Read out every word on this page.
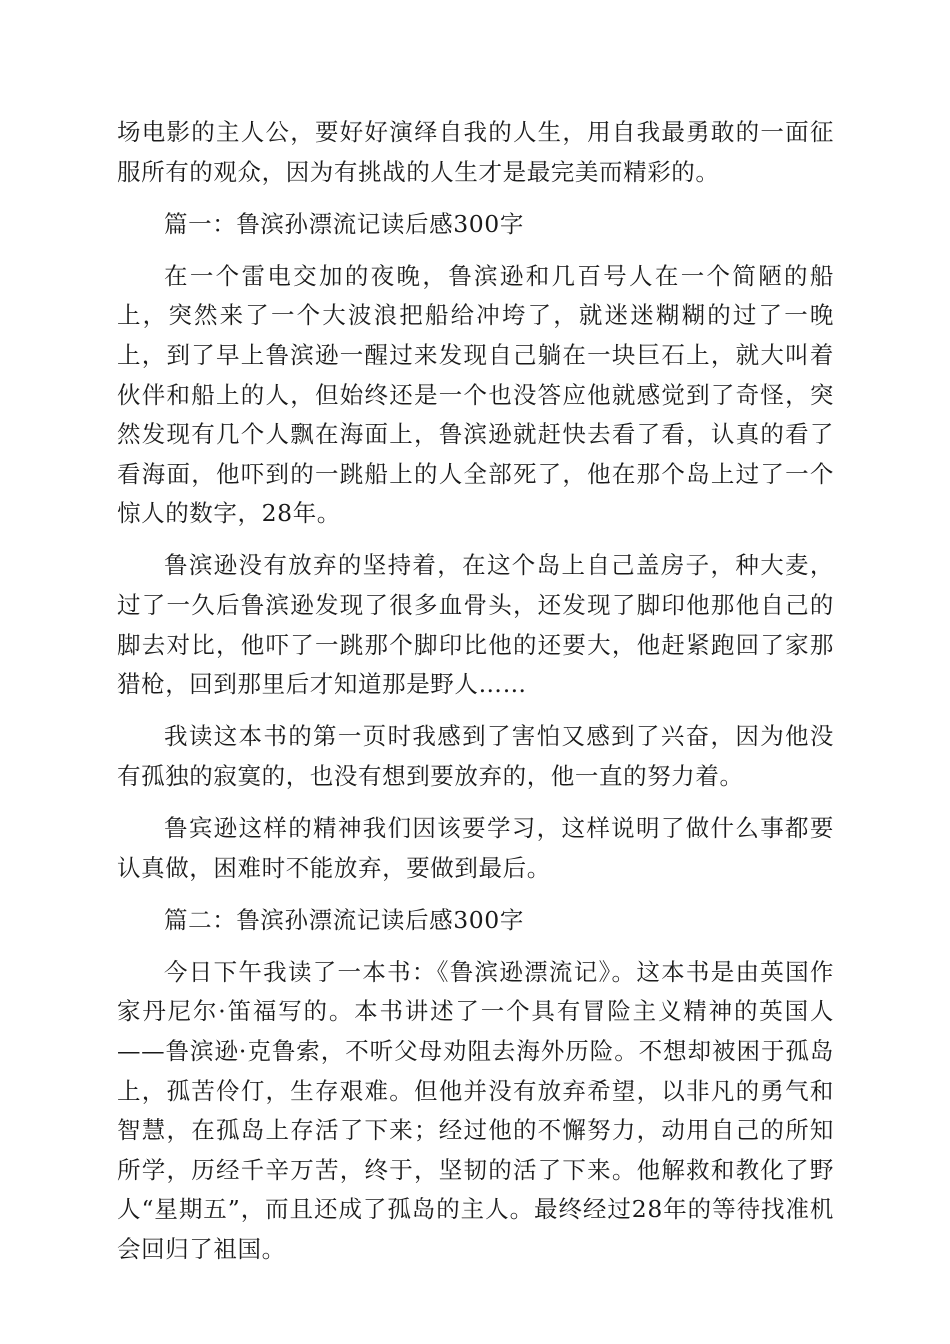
场电影的主人公，要好好演绎自我的人生，用自我最勇敢的一面征服所有的观众，因为有挑战的人生才是最完美而精彩的。

篇一：鲁滨孙漂流记读后感300字

在一个雷电交加的夜晚，鲁滨逊和几百号人在一个简陋的船上，突然来了一个大波浪把船给冲垮了，就迷迷糊糊的过了一晚上，到了早上鲁滨逊一醒过来发现自己躺在一块巨石上，就大叫着伙伴和船上的人，但始终还是一个也没答应他就感觉到了奇怪，突然发现有几个人飘在海面上，鲁滨逊就赶快去看了看，认真的看了看海面，他吓到的一跳船上的人全部死了，他在那个岛上过了一个惊人的数字，28年。

鲁滨逊没有放弃的坚持着，在这个岛上自己盖房子，种大麦，过了一久后鲁滨逊发现了很多血骨头，还发现了脚印他那他自己的脚去对比，他吓了一跳那个脚印比他的还要大，他赶紧跑回了家那猎枪，回到那里后才知道那是野人……

我读这本书的第一页时我感到了害怕又感到了兴奋，因为他没有孤独的寂寞的，也没有想到要放弃的，他一直的努力着。

鲁宾逊这样的精神我们因该要学习，这样说明了做什么事都要认真做，困难时不能放弃，要做到最后。

篇二：鲁滨孙漂流记读后感300字

今日下午我读了一本书：《鲁滨逊漂流记》。这本书是由英国作家丹尼尔·笛福写的。本书讲述了一个具有冒险主义精神的英国人——鲁滨逊·克鲁索，不听父母劝阻去海外历险。不想却被困于孤岛上，孤苦伶仃，生存艰难。但他并没有放弃希望，以非凡的勇气和智慧，在孤岛上存活了下来；经过他的不懈努力，动用自己的所知所学，历经千辛万苦，终于，坚韧的活了下来。他解救和教化了野人“星期五”，而且还成了孤岛的主人。最终经过28年的等待找准机会回归了祖国。
